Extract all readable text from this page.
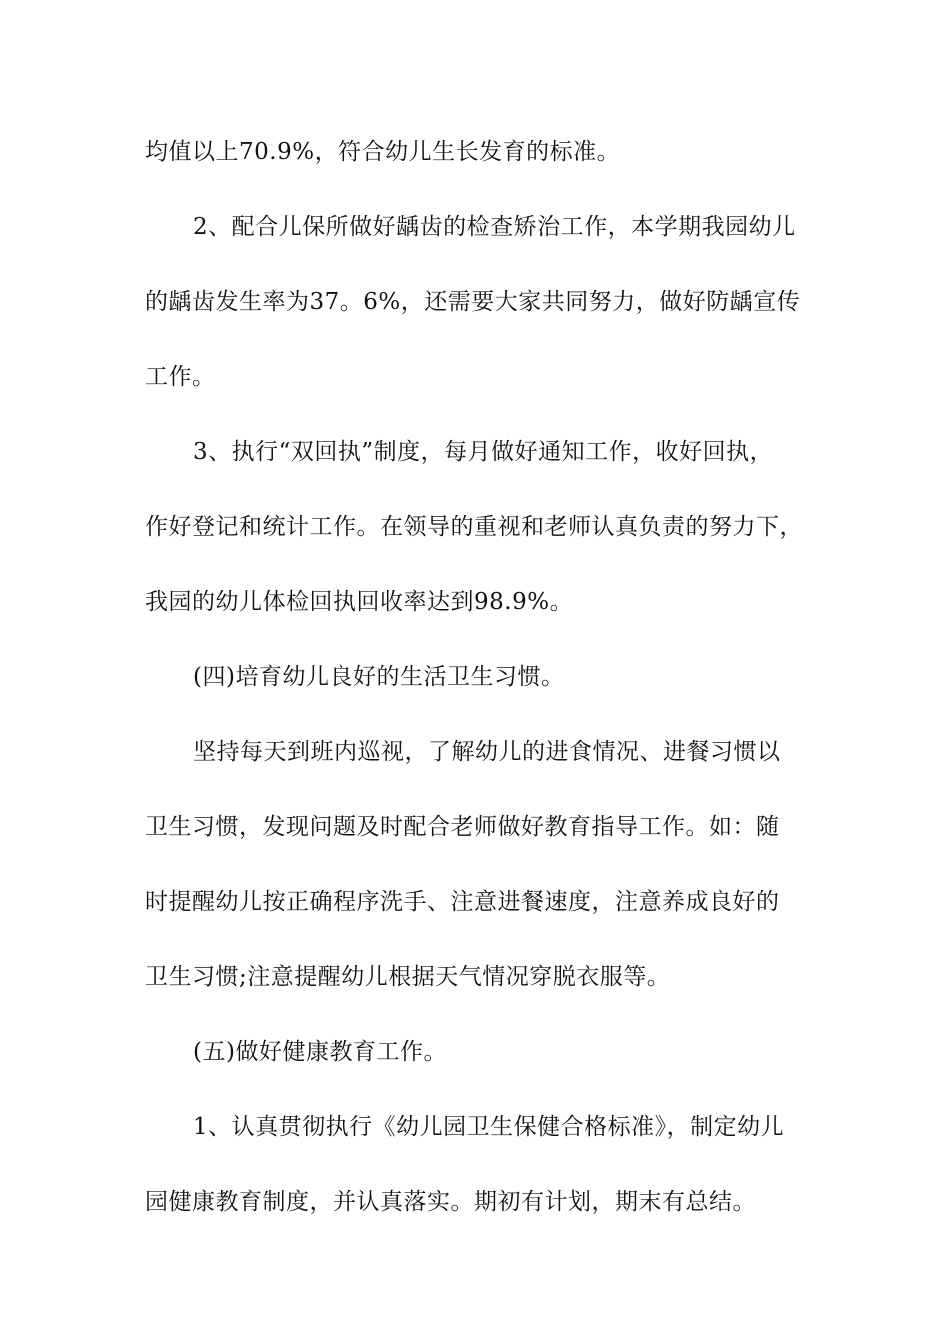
均值以上70.9%，符合幼儿生长发育的标准。
2、配合儿保所做好龋齿的检查矫治工作，本学期我园幼儿
的龋齿发生率为37。6%，还需要大家共同努力，做好防龋宣传
工作。
3、执行“双回执”制度，每月做好通知工作，收好回执，
作好登记和统计工作。在领导的重视和老师认真负责的努力下，
我园的幼儿体检回执回收率达到98.9%。
(四)培育幼儿良好的生活卫生习惯。
坚持每天到班内巡视，了解幼儿的进食情况、进餐习惯以
卫生习惯，发现问题及时配合老师做好教育指导工作。如：随
时提醒幼儿按正确程序洗手、注意进餐速度，注意养成良好的
卫生习惯;注意提醒幼儿根据天气情况穿脱衣服等。
(五)做好健康教育工作。
1、认真贯彻执行《幼儿园卫生保健合格标准》，制定幼儿
园健康教育制度，并认真落实。期初有计划，期末有总结。
